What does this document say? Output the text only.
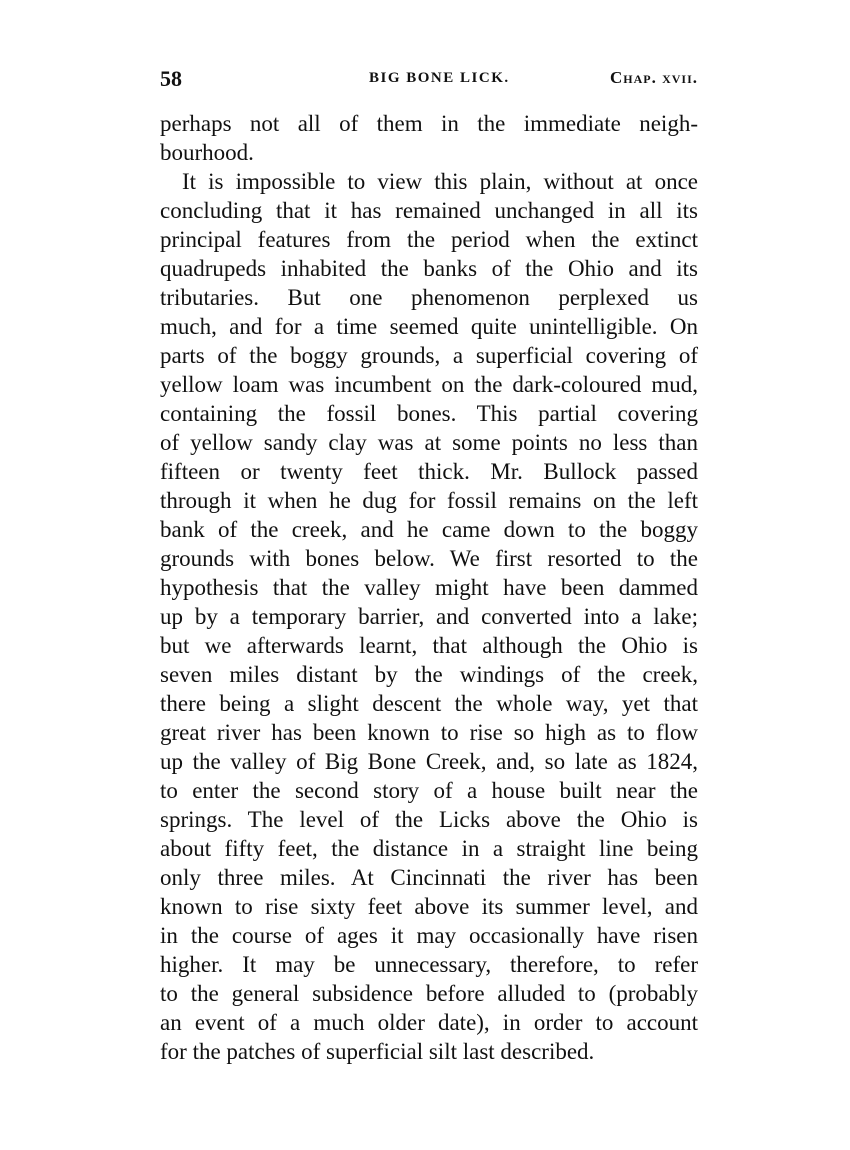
58	BIG BONE LICK.	Chap. xvii.
perhaps not all of them in the immediate neigh-
bourhood.
It is impossible to view this plain, without at once
concluding that it has remained unchanged in all its
principal features from the period when the extinct
quadrupeds inhabited the banks of the Ohio and its
tributaries. But one phenomenon perplexed us
much, and for a time seemed quite unintelligible. On
parts of the boggy grounds, a superficial covering of
yellow loam was incumbent on the dark-coloured mud,
containing the fossil bones. This partial covering
of yellow sandy clay was at some points no less than
fifteen or twenty feet thick. Mr. Bullock passed
through it when he dug for fossil remains on the left
bank of the creek, and he came down to the boggy
grounds with bones below. We first resorted to the
hypothesis that the valley might have been dammed
up by a temporary barrier, and converted into a lake;
but we afterwards learnt, that although the Ohio is
seven miles distant by the windings of the creek,
there being a slight descent the whole way, yet that
great river has been known to rise so high as to flow
up the valley of Big Bone Creek, and, so late as 1824,
to enter the second story of a house built near the
springs. The level of the Licks above the Ohio is
about fifty feet, the distance in a straight line being
only three miles. At Cincinnati the river has been
known to rise sixty feet above its summer level, and
in the course of ages it may occasionally have risen
higher. It may be unnecessary, therefore, to refer
to the general subsidence before alluded to (probably
an event of a much older date), in order to account
for the patches of superficial silt last described.
